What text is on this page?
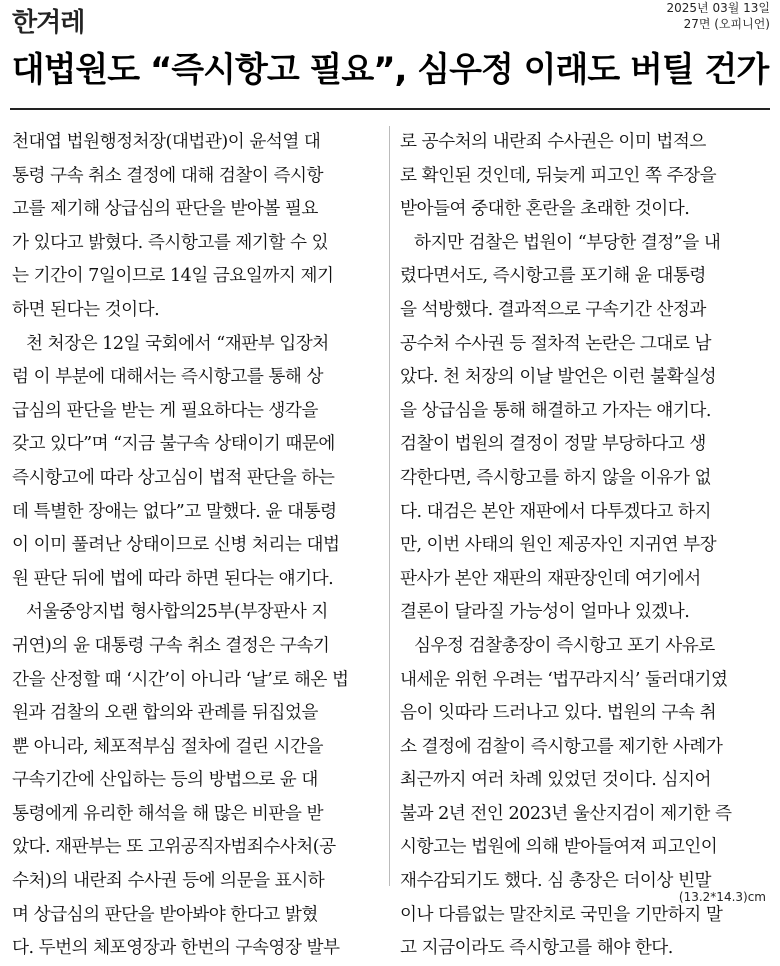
한겨레	2025년 03월 13일
27면 (오피니언)
대법원도 “즉시항고 필요”, 심우정 이래도 버틸 건가
천대엽 법원행정처장(대법관)이 윤석열 대
통령 구속 취소 결정에 대해 검찰이 즉시항
고를 제기해 상급심의 판단을 받아볼 필요
가 있다고 밝혔다. 즉시항고를 제기할 수 있
는 기간이 7일이므로 14일 금요일까지 제기
하면 된다는 것이다.
천 처장은 12일 국회에서 “재판부 입장처
럼 이 부분에 대해서는 즉시항고를 통해 상
급심의 판단을 받는 게 필요하다는 생각을
갖고 있다”며 “지금 불구속 상태이기 때문에
즉시항고에 따라 상고심이 법적 판단을 하는
데 특별한 장애는 없다”고 말했다. 윤 대통령
이 이미 풀려난 상태이므로 신병 처리는 대법
원 판단 뒤에 법에 따라 하면 된다는 얘기다.
서울중앙지법 형사합의25부(부장판사 지
귀연)의 윤 대통령 구속 취소 결정은 구속기
간을 산정할 때 ‘시간’이 아니라 ‘날’로 해온 법
원과 검찰의 오랜 합의와 관례를 뒤집었을
뿐 아니라, 체포적부심 절차에 걸린 시간을
구속기간에 산입하는 등의 방법으로 윤 대
통령에게 유리한 해석을 해 많은 비판을 받
았다. 재판부는 또 고위공직자범죄수사처(공
수처)의 내란죄 수사권 등에 의문을 표시하
며 상급심의 판단을 받아봐야 한다고 밝혔
다. 두번의 체포영장과 한번의 구속영장 발부
로 공수처의 내란죄 수사권은 이미 법적으
로 확인된 것인데, 뒤늦게 피고인 쪽 주장을
받아들여 중대한 혼란을 초래한 것이다.
하지만 검찰은 법원이 “부당한 결정”을 내
렸다면서도, 즉시항고를 포기해 윤 대통령
을 석방했다. 결과적으로 구속기간 산정과
공수처 수사권 등 절차적 논란은 그대로 남
았다. 천 처장의 이날 발언은 이런 불확실성
을 상급심을 통해 해결하고 가자는 얘기다.
검찰이 법원의 결정이 정말 부당하다고 생
각한다면, 즉시항고를 하지 않을 이유가 없
다. 대검은 본안 재판에서 다투겠다고 하지
만, 이번 사태의 원인 제공자인 지귀연 부장
판사가 본안 재판의 재판장인데 여기에서
결론이 달라질 가능성이 얼마나 있겠나.
심우정 검찰총장이 즉시항고 포기 사유로
내세운 위헌 우려는 ‘법꾸라지식’ 둘러대기였
음이 잇따라 드러나고 있다. 법원의 구속 취
소 결정에 검찰이 즉시항고를 제기한 사례가
최근까지 여러 차례 있었던 것이다. 심지어
불과 2년 전인 2023년 울산지검이 제기한 즉
시항고는 법원에 의해 받아들여져 피고인이
재수감되기도 했다. 심 총장은 더이상 빈말
이나 다름없는 말잔치로 국민을 기만하지 말
고 지금이라도 즉시항고를 해야 한다.
(13.2*14.3)cm
